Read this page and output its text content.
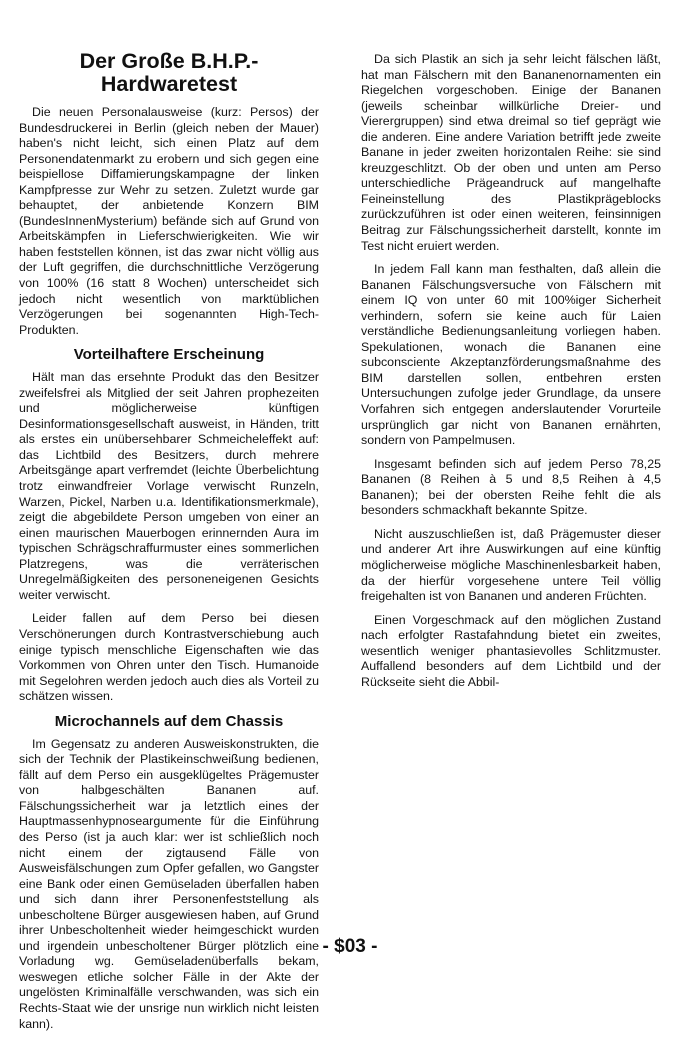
Der Große B.H.P.-
Hardwaretest

Die neuen Personalausweise (kurz: Persos) der Bundesdruckerei in Berlin (gleich neben der Mauer) haben's nicht leicht, sich einen Platz auf dem Personendatenmarkt zu erobern und sich gegen eine beispiellose Diffamierungskampagne der linken Kampfpresse zur Wehr zu setzen. Zuletzt wurde gar behauptet, der anbietende Konzern BIM (BundesInnenMysterium) befände sich auf Grund von Arbeitskämpfen in Lieferschwierigkeiten. Wie wir haben feststellen können, ist das zwar nicht völlig aus der Luft gegriffen, die durchschnittliche Verzögerung von 100% (16 statt 8 Wochen) unterscheidet sich jedoch nicht wesentlich von marktüblichen Verzögerungen bei sogenannten High-Tech-Produkten.

Vorteilhaftere Erscheinung

Hält man das ersehnte Produkt das den Besitzer zweifelsfrei als Mitglied der seit Jahren prophezeiten und möglicherweise künftigen Desinformationsgesellschaft ausweist, in Händen, tritt als erstes ein unübersehbarer Schmeicheleffekt auf: das Lichtbild des Besitzers, durch mehrere Arbeitsgänge apart verfremdet (leichte Überbelichtung trotz einwandfreier Vorlage verwischt Runzeln, Warzen, Pickel, Narben u.a. Identifikationsmerkmale), zeigt die abgebildete Person umgeben von einer an einen maurischen Mauerbogen erinnernden Aura im typischen Schrägschraffurmuster eines sommerlichen Platzregens, was die verräterischen Unregelmäßigkeiten des personeneigenen Gesichts weiter verwischt.

Leider fallen auf dem Perso bei diesen Verschönerungen durch Kontrastverschiebung auch einige typisch menschliche Eigenschaften wie das Vorkommen von Ohren unter den Tisch. Humanoide mit Segelohren werden jedoch auch dies als Vorteil zu schätzen wissen.

Microchannels auf dem Chassis

Im Gegensatz zu anderen Ausweiskonstrukten, die sich der Technik der Plastikeinschweißung bedienen, fällt auf dem Perso ein ausgeklügeltes Prägemuster von halbgeschälten Bananen auf. Fälschungssicherheit war ja letztlich eines der Hauptmassenhypnoseargumente für die Einführung des Perso (ist ja auch klar: wer ist schließlich noch nicht einem der zigtausend Fälle von Ausweisfälschungen zum Opfer gefallen, wo Gangster eine Bank oder einen Gemüseladen überfallen haben und sich dann ihrer Personenfeststellung als unbescholtene Bürger ausgewiesen haben, auf Grund ihrer Unbescholtenheit wieder heimgeschickt wurden und irgendein unbescholtener Bürger plötzlich eine Vorladung wg. Gemüseladenüberfalls bekam, weswegen etliche solcher Fälle in der Akte der ungelösten Kriminalfälle verschwanden, was sich ein Rechts-Staat wie der unsrige nun wirklich nicht leisten kann).

Da sich Plastik an sich ja sehr leicht fälschen läßt, hat man Fälschern mit den Bananenornamenten ein Riegelchen vorgeschoben. Einige der Bananen (jeweils scheinbar willkürliche Dreier- und Vierergruppen) sind etwa dreimal so tief geprägt wie die anderen. Eine andere Variation betrifft jede zweite Banane in jeder zweiten horizontalen Reihe: sie sind kreuzgeschlitzt. Ob der oben und unten am Perso unterschiedliche Prägeandruck auf mangelhafte Feineinstellung des Plastikprägeblocks zurückzuführen ist oder einen weiteren, feinsinnigen Beitrag zur Fälschungssicherheit darstellt, konnte im Test nicht eruiert werden.

In jedem Fall kann man festhalten, daß allein die Bananen Fälschungsversuche von Fälschern mit einem IQ von unter 60 mit 100%iger Sicherheit verhindern, sofern sie keine auch für Laien verständliche Bedienungsanleitung vorliegen haben. Spekulationen, wonach die Bananen eine subconsciente Akzeptanzförderungsmaßnahme des BIM darstellen sollen, entbehren ersten Untersuchungen zufolge jeder Grundlage, da unsere Vorfahren sich entgegen anderslautender Vorurteile ursprünglich gar nicht von Bananen ernährten, sondern von Pampelmusen.

Insgesamt befinden sich auf jedem Perso 78,25 Bananen (8 Reihen à 5 und 8,5 Reihen à 4,5 Bananen); bei der obersten Reihe fehlt die als besonders schmackhaft bekannte Spitze.

Nicht auszuschließen ist, daß Prägemuster dieser und anderer Art ihre Auswirkungen auf eine künftig möglicherweise mögliche Maschinenlesbarkeit haben, da der hierfür vorgesehene untere Teil völlig freigehalten ist von Bananen und anderen Früchten.

Einen Vorgeschmack auf den möglichen Zustand nach erfolgter Rastafahndung bietet ein zweites, wesentlich weniger phantasievolles Schlitzmuster. Auffallend besonders auf dem Lichtbild und der Rückseite sieht die Abbil-

- $03 -
